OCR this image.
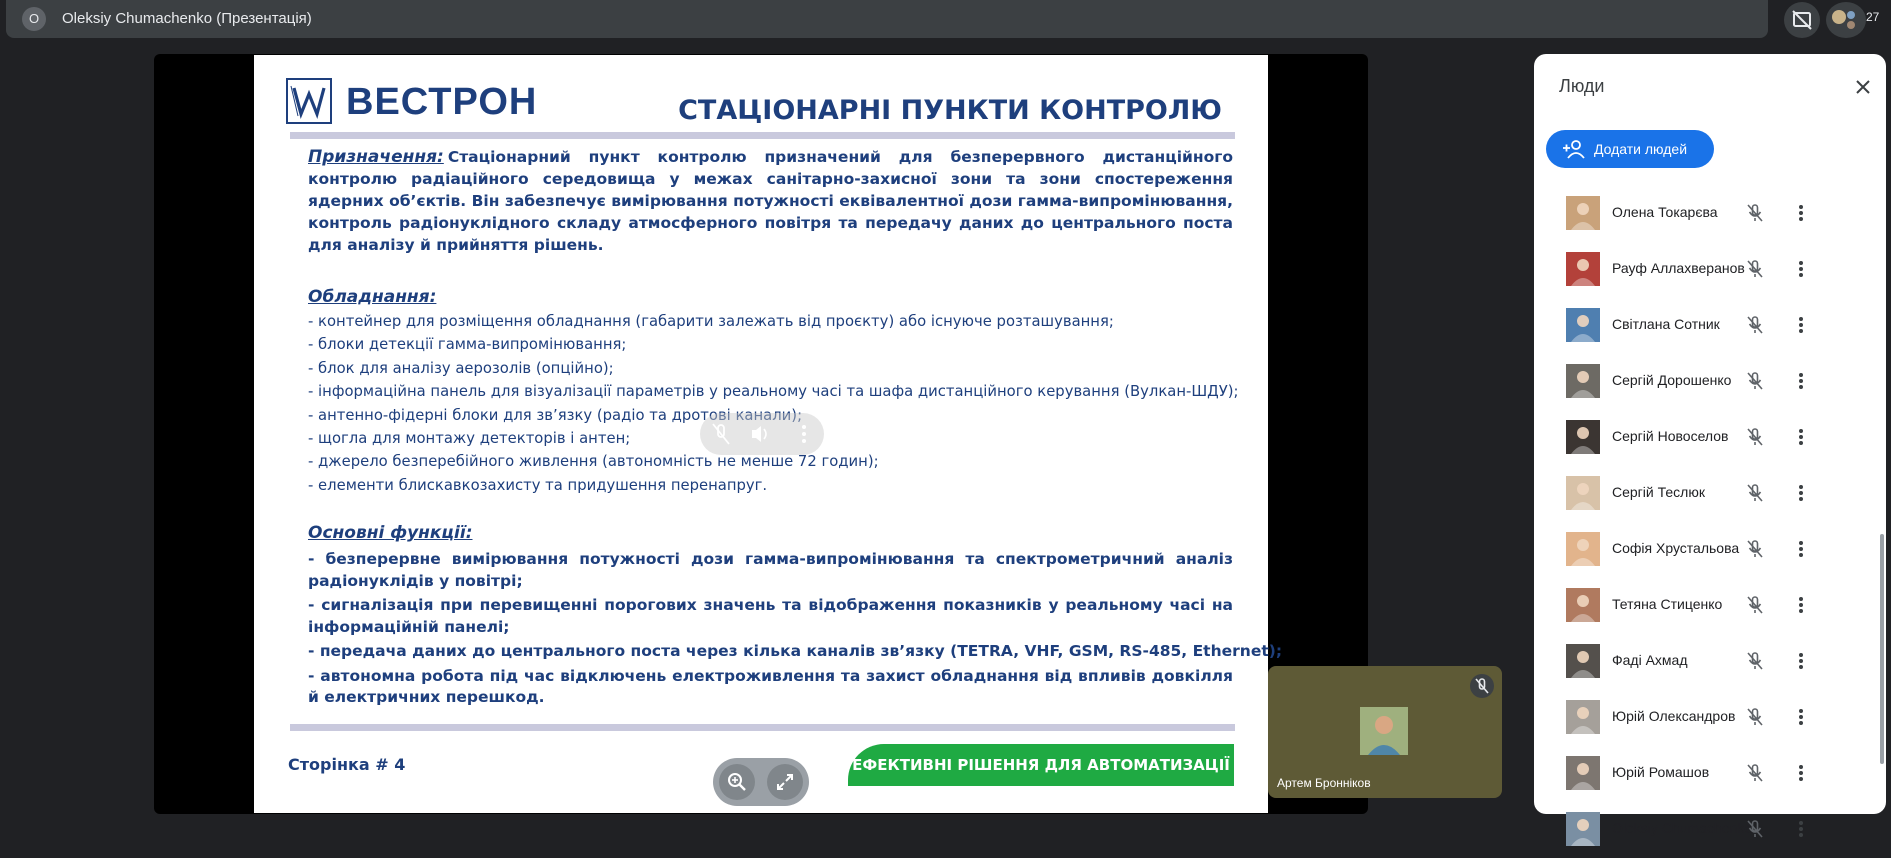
O	Oleksiy Chumachenko (Презентація)	27
ВЕСТРОН	СТАЦІОНАРНІ ПУНКТИ КОНТРОЛЮ
Призначення: Стаціонарний пункт контролю призначений для безперервного дистанційного контролю радіаційного середовища у межах санітарно-захисної зони та зони спостереження ядерних об’єктів. Він забезпечує вимірювання потужності еквівалентної дози гамма-випромінювання, контроль радіонуклідного складу атмосферного повітря та передачу даних до центрального поста для аналізу й прийняття рішень.
Обладнання:
- контейнер для розміщення обладнання (габарити залежать від проєкту) або існуюче розташування;
- блоки детекції гамма-випромінювання;
- блок для аналізу аерозолів (опційно);
- інформаційна панель для візуалізації параметрів у реальному часі та шафа дистанційного керування (Вулкан-ШДУ);
- антенно-фідерні блоки для зв’язку (радіо та дротові канали);
- щогла для монтажу детекторів і антен;
- джерело безперебійного живлення (автономність не менше 72 годин);
- елементи блискавкозахисту та придушення перенапруг.
Основні функції:
- безперервне вимірювання потужності дози гамма-випромінювання та спектрометричний аналіз радіонуклідів у повітрі;
- сигналізація при перевищенні порогових значень та відображення показників у реальному часі на інформаційній панелі;
- передача даних до центрального поста через кілька каналів зв’язку (TETRA, VHF, GSM, RS-485, Ethernet);
- автономна робота під час відключень електроживлення та захист обладнання від впливів довкілля й електричних перешкод.
Сторінка # 4	ЕФЕКТИВНІ РІШЕННЯ ДЛЯ АВТОМАТИЗАЦІЇ
Артем Бронніков
Люди
Додати людей
Олена Токарєва
Рауф Аллахверанов
Світлана Сотник
Сергій Дорошенко
Сергій Новоселов
Сергій Теслюк
Софія Хрустальова
Тетяна Стиценко
Фаді Ахмад
Юрій Олександров
Юрій Ромашов
Oleksiy Chumachenko
